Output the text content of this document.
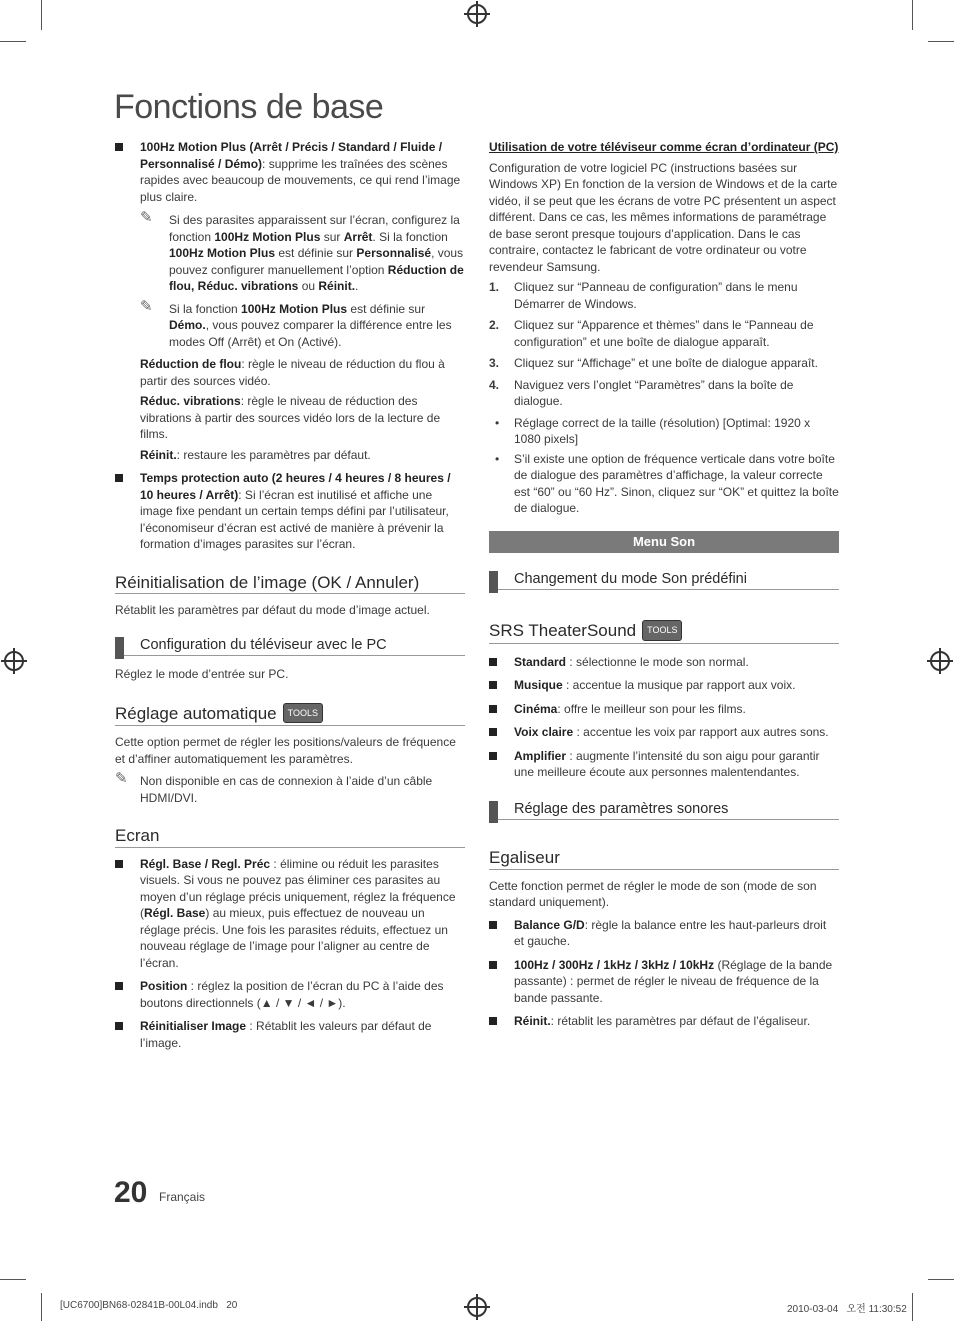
Fonctions de base
100Hz Motion Plus (Arrêt / Précis / Standard / Fluide / Personnalisé / Démo): supprime les traînées des scènes rapides avec beaucoup de mouvements, ce qui rend l’image plus claire.
✎ Si des parasites apparaissent sur l’écran, configurez la fonction 100Hz Motion Plus sur Arrêt. Si la fonction 100Hz Motion Plus est définie sur Personnalisé, vous pouvez configurer manuellement l’option Réduction de flou, Réduc. vibrations ou Réinit..
✎ Si la fonction 100Hz Motion Plus est définie sur Démo., vous pouvez comparer la différence entre les modes Off (Arrêt) et On (Activé).
Réduction de flou: règle le niveau de réduction du flou à partir des sources vidéo.
Réduc. vibrations: règle le niveau de réduction des vibrations à partir des sources vidéo lors de la lecture de films.
Réinit.: restaure les paramètres par défaut.
Temps protection auto (2 heures / 4 heures / 8 heures / 10 heures / Arrêt): Si l’écran est inutilisé et affiche une image fixe pendant un certain temps défini par l’utilisateur, l’économiseur d’écran est activé de manière à prévenir la formation d’images parasites sur l’écran.
Réinitialisation de l’image (OK / Annuler)
Rétablit les paramètres par défaut du mode d’image actuel.
Configuration du téléviseur avec le PC
Réglez le mode d’entrée sur PC.
Réglage automatique TOOLS
Cette option permet de régler les positions/valeurs de fréquence et d’affiner automatiquement les paramètres.
✎ Non disponible en cas de connexion à l’aide d’un câble HDMI/DVI.
Ecran
Régl. Base / Regl. Préc : élimine ou réduit les parasites visuels. Si vous ne pouvez pas éliminer ces parasites au moyen d’un réglage précis uniquement, réglez la fréquence (Régl. Base) au mieux, puis effectuez de nouveau un réglage précis. Une fois les parasites réduits, effectuez un nouveau réglage de l’image pour l’aligner au centre de l’écran.
Position : réglez la position de l’écran du PC à l’aide des boutons directionnels (▲ / ▼ / ◄ / ►).
Réinitialiser Image : Rétablit les valeurs par défaut de l’image.
Utilisation de votre téléviseur comme écran d’ordinateur (PC)
Configuration de votre logiciel PC (instructions basées sur Windows XP) En fonction de la version de Windows et de la carte vidéo, il se peut que les écrans de votre PC présentent un aspect différent. Dans ce cas, les mêmes informations de paramétrage de base seront presque toujours d’application. Dans le cas contraire, contactez le fabricant de votre ordinateur ou votre revendeur Samsung.
1. Cliquez sur “Panneau de configuration” dans le menu Démarrer de Windows.
2. Cliquez sur “Apparence et thèmes” dans le “Panneau de configuration” et une boîte de dialogue apparaît.
3. Cliquez sur “Affichage” et une boîte de dialogue apparaît.
4. Naviguez vers l’onglet “Paramètres” dans la boîte de dialogue.
• Réglage correct de la taille (résolution) [Optimal: 1920 x 1080 pixels]
• S’il existe une option de fréquence verticale dans votre boîte de dialogue des paramètres d’affichage, la valeur correcte est “60” ou “60 Hz”. Sinon, cliquez sur “OK” et quittez la boîte de dialogue.
Menu Son
Changement du mode Son prédéfini
SRS TheaterSound TOOLS
Standard : sélectionne le mode son normal.
Musique : accentue la musique par rapport aux voix.
Cinéma: offre le meilleur son pour les films.
Voix claire : accentue les voix par rapport aux autres sons.
Amplifier : augmente l’intensité du son aigu pour garantir une meilleure écoute aux personnes malentendantes.
Réglage des paramètres sonores
Egaliseur
Cette fonction permet de régler le mode de son (mode de son standard uniquement).
Balance G/D: règle la balance entre les haut-parleurs droit et gauche.
100Hz / 300Hz / 1kHz / 3kHz / 10kHz (Réglage de la bande passante) : permet de régler le niveau de fréquence de la bande passante.
Réinit.: rétablit les paramètres par défaut de l’égaliseur.
20 Français
[UC6700]BN68-02841B-00L04.indb   20	2010-03-04   오전 11:30:52
